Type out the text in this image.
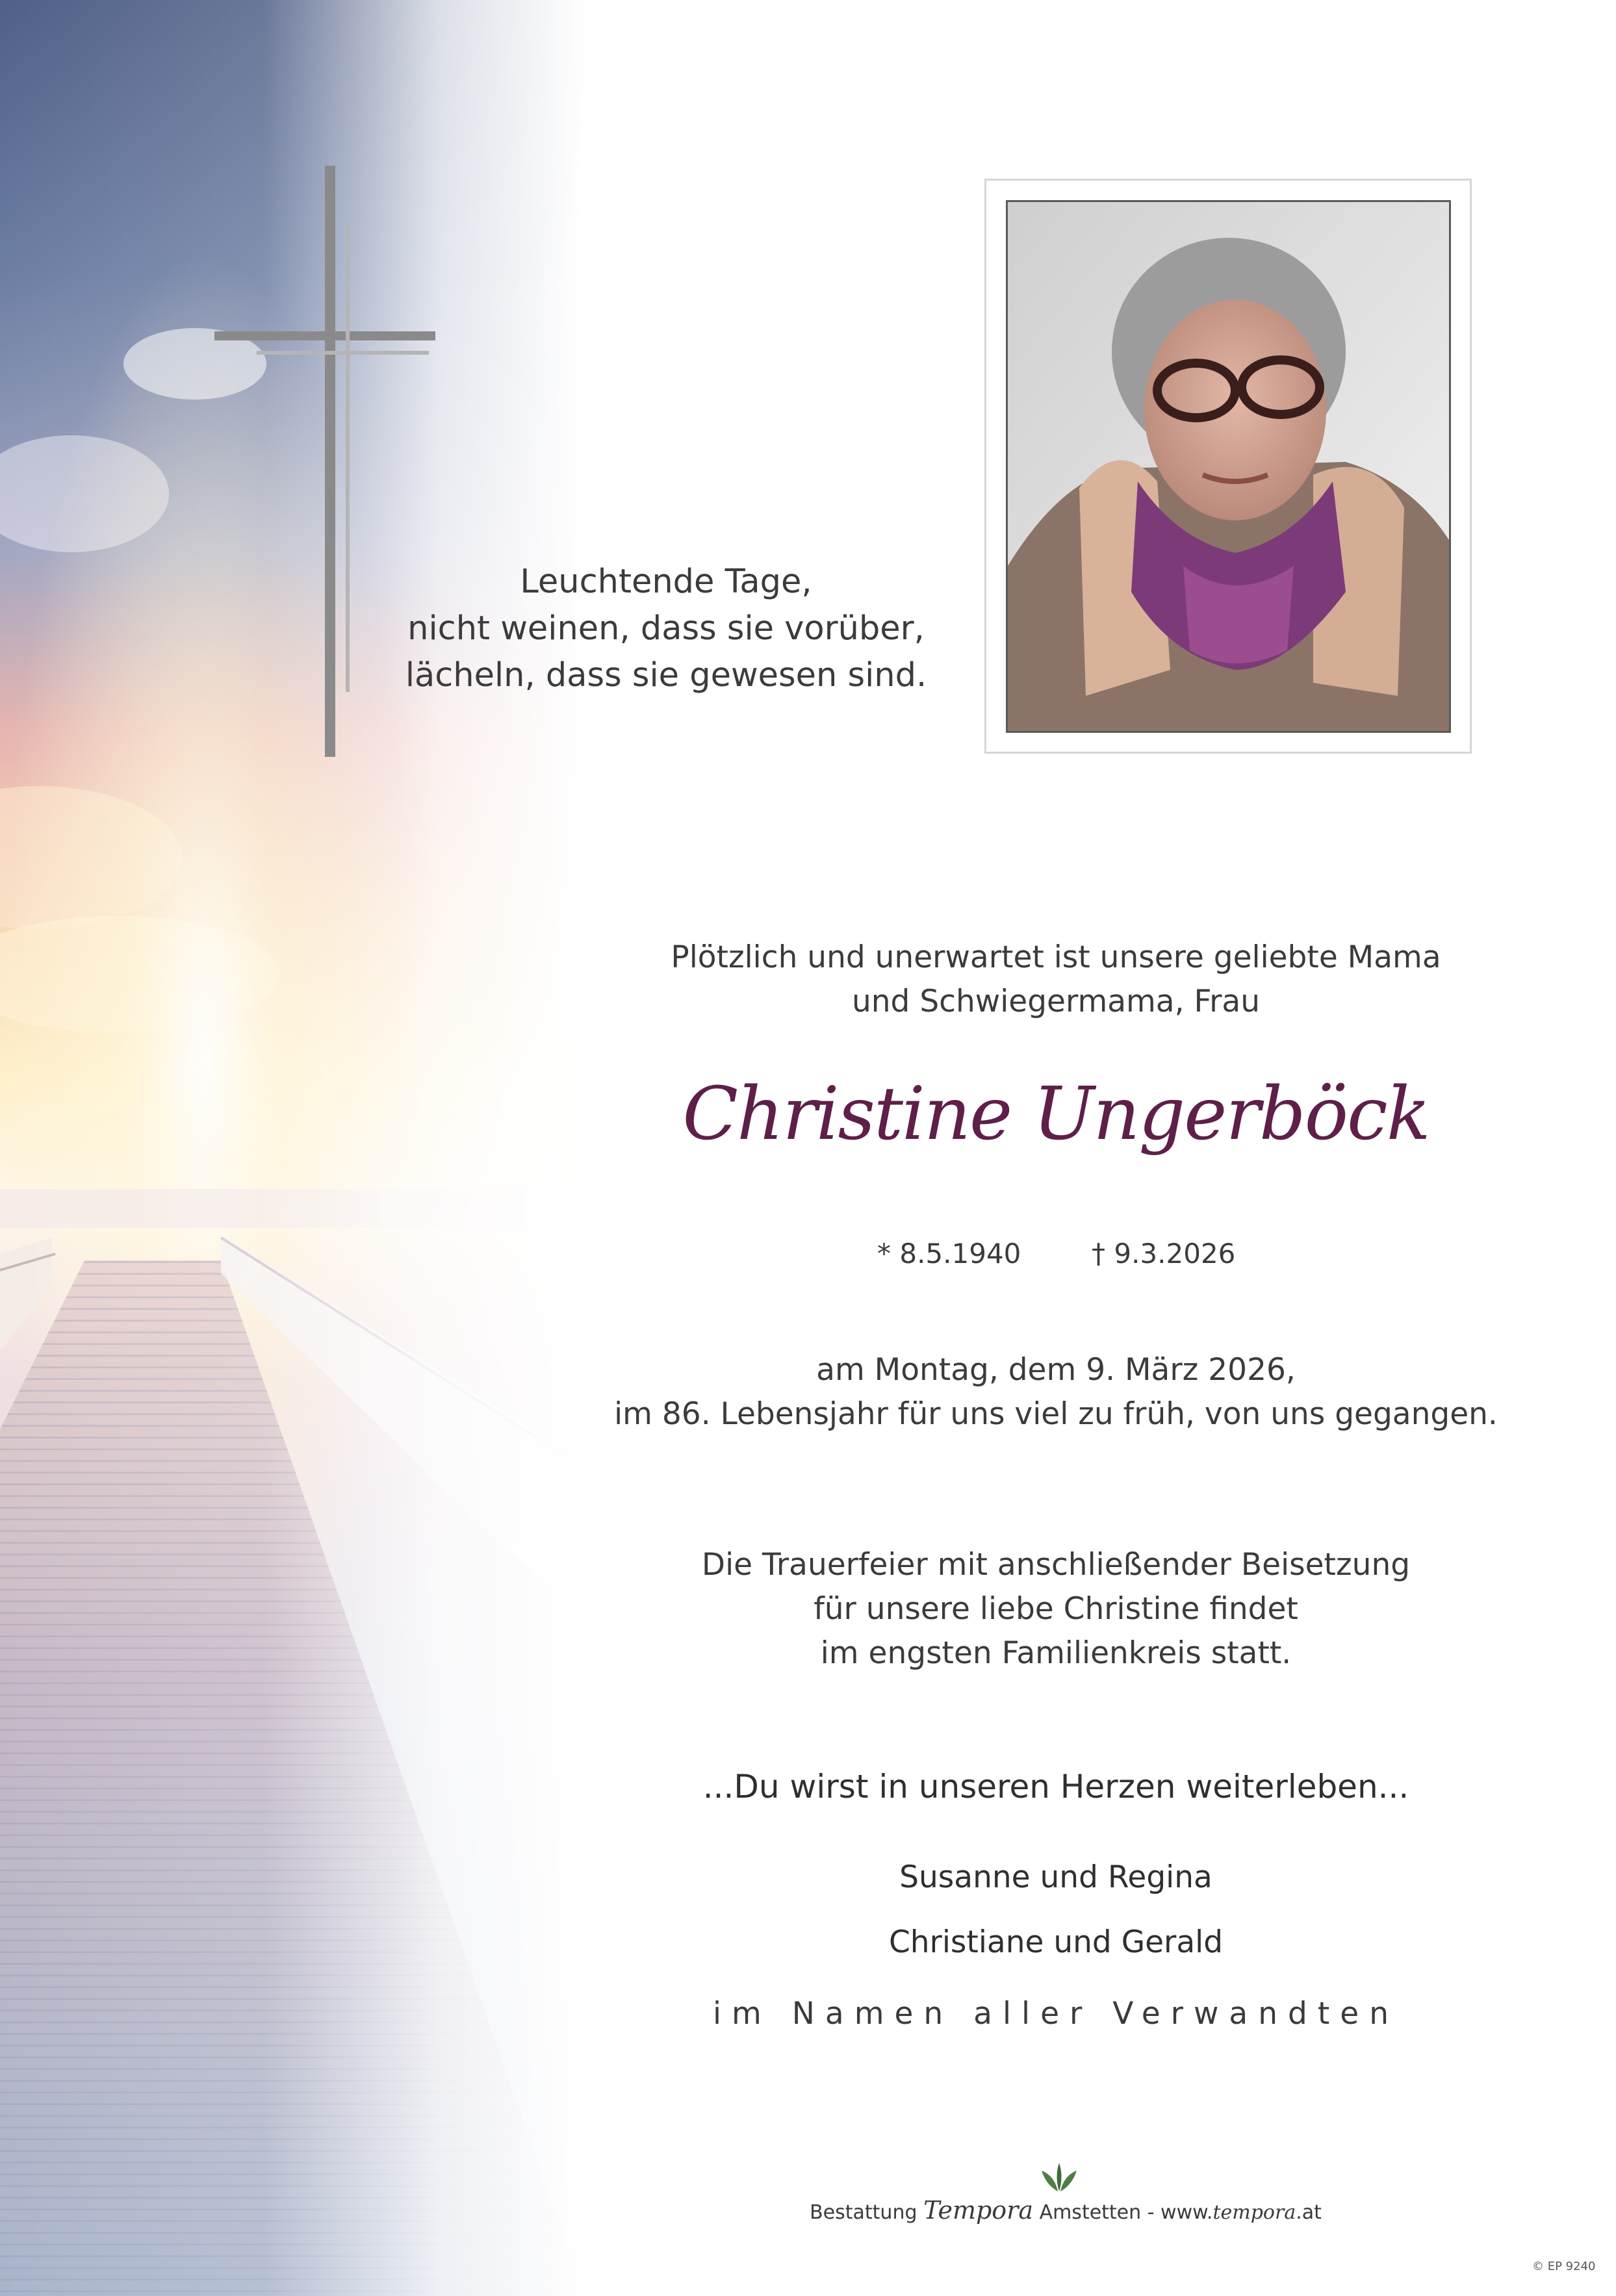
Leuchtende Tage,
nicht weinen, dass sie vorüber,
lächeln, dass sie gewesen sind.
Plötzlich und unerwartet ist unsere geliebte Mama
und Schwiegermama, Frau
Christine Ungerböck
* 8.5.1940	† 9.3.2026
am Montag, dem 9. März 2026,
im 86. Lebensjahr für uns viel zu früh, von uns gegangen.
Die Trauerfeier mit anschließender Beisetzung
für unsere liebe Christine findet
im engsten Familienkreis statt.
...Du wirst in unseren Herzen weiterleben...
Susanne und Regina
Christiane und Gerald
im Namen aller Verwandten
Bestattung Tempora Amstetten - www.tempora.at
© EP 9240
